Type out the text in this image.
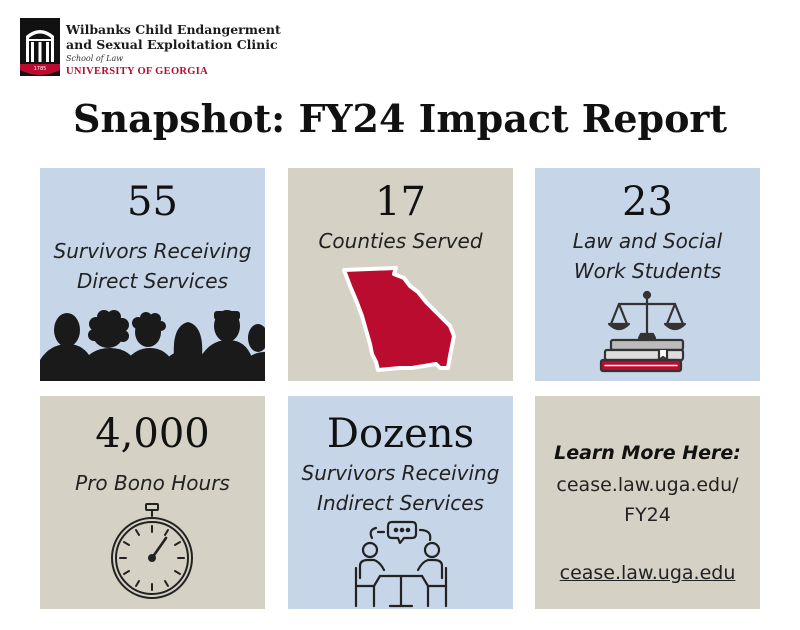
1785
Wilbanks Child Endangerment
and Sexual Exploitation Clinic
School of Law
UNIVERSITY OF GEORGIA
Snapshot: FY24 Impact Report
55
Survivors Receiving
Direct Services
17
Counties Served
23
Law and Social
Work Students
4,000
Pro Bono Hours
Dozens
Survivors Receiving
Indirect Services
Learn More Here:
cease.law.uga.edu/
FY24
cease.law.uga.edu
